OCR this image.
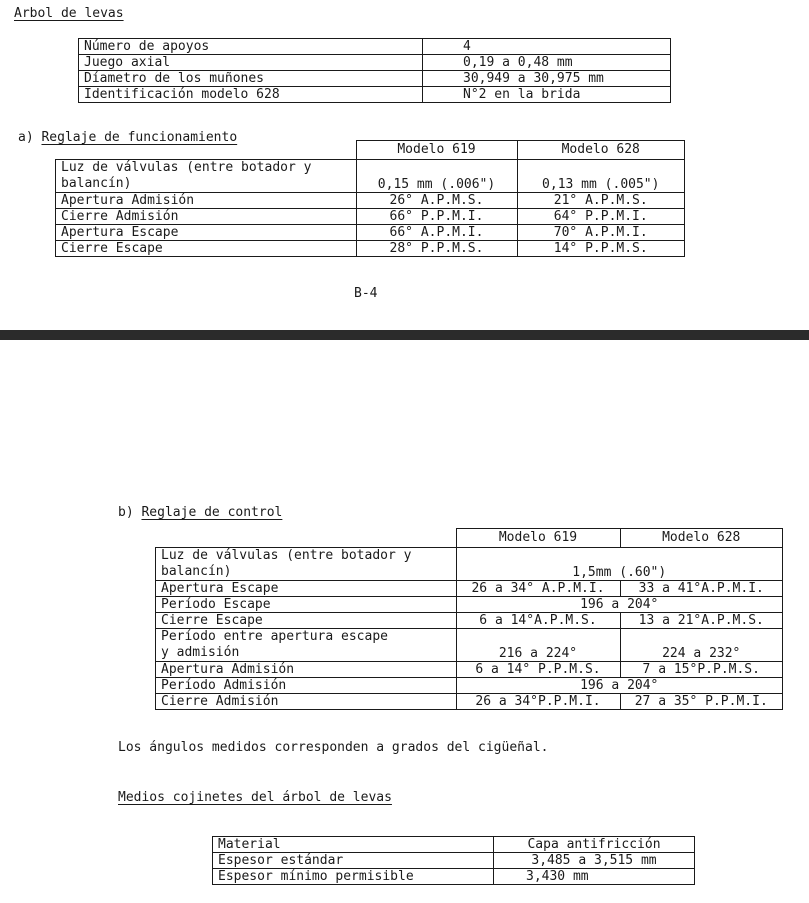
Arbol de levas
Número de apoyos	4
Juego axial	0,19 a 0,48 mm
Díametro de los muñones	30,949 a 30,975 mm
Identificación modelo 628	N°2 en la brida
a) Reglaje de funcionamiento
	Modelo 619	Modelo 628

Luz de válvulas (entre botador y
balancín)	0,15 mm (.006")	0,13 mm (.005")
Apertura Admisión	26° A.P.M.S.	21° A.P.M.S.
Cierre Admisión	66° P.P.M.I.	64° P.P.M.I.
Apertura Escape	66° A.P.M.I.	70° A.P.M.I.
Cierre Escape	28° P.P.M.S.	14° P.P.M.S.
B-4
b) Reglaje de control
	Modelo 619	Modelo 628

Luz de válvulas (entre botador y
balancín)	1,5mm (.60")	
Apertura Escape	26 a 34° A.P.M.I.	33 a 41°A.P.M.I.
Período Escape	196 a 204°	
Cierre Escape	6 a 14°A.P.M.S.	13 a 21°A.P.M.S.

Período entre apertura escape
y admisión	216 a 224°	224 a 232°
Apertura Admisión	6 a 14° P.P.M.S.	7 a 15°P.P.M.S.
Período Admisión	196 a 204°	
Cierre Admisión	26 a 34°P.P.M.I.	27 a 35° P.P.M.I.
Los ángulos medidos corresponden a grados del cigüeñal.
Medios cojinetes del árbol de levas
Material	Capa antifricción
Espesor estándar	3,485 a 3,515 mm
Espesor mínimo permisible	3,430 mm
